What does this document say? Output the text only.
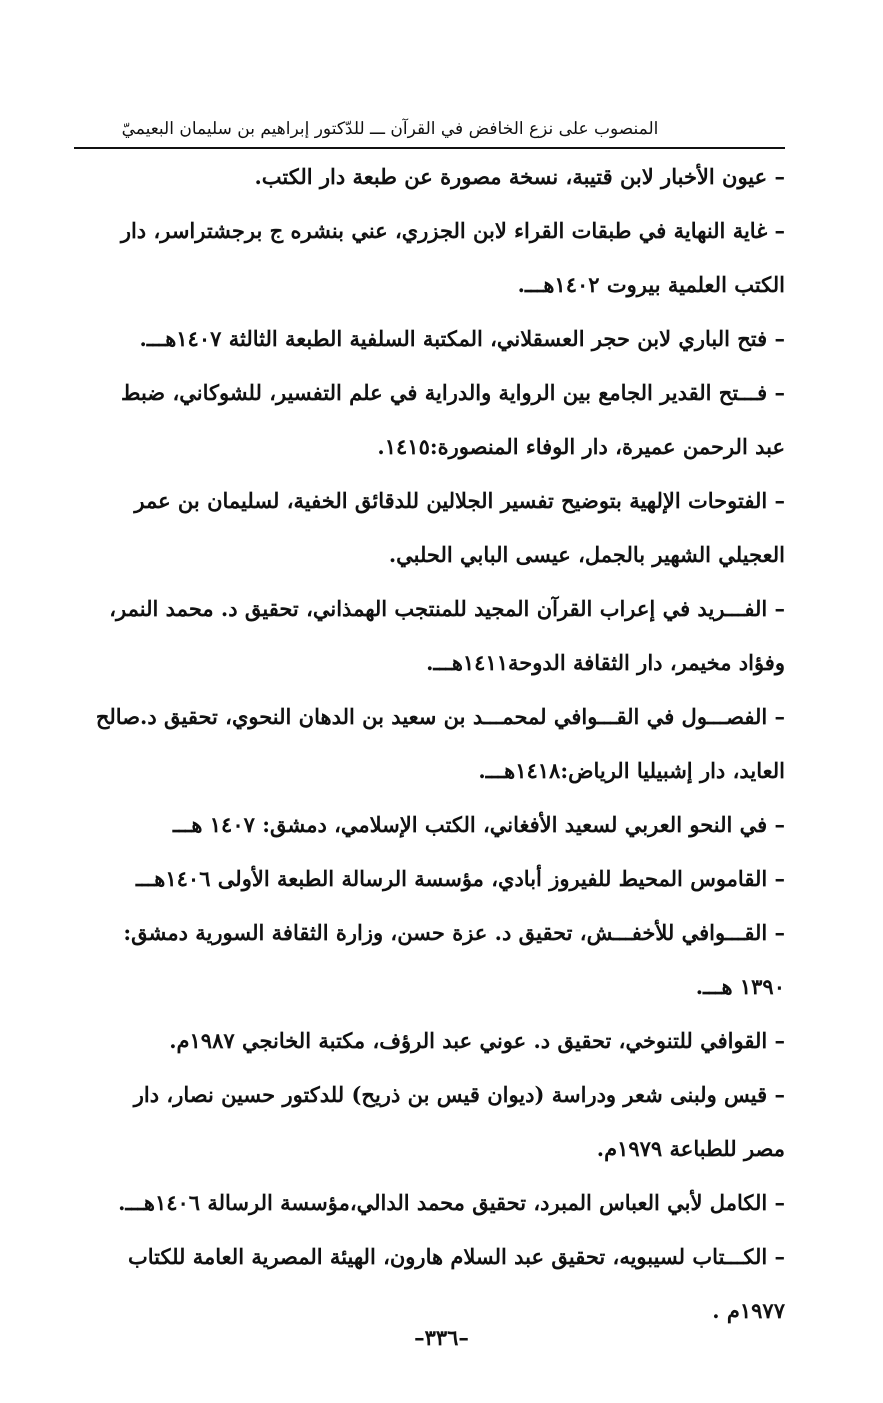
المنصوب على نزع الخافض في القرآن ـــ للدّكتور إبراهيم بن سليمان البعيميّ
– عيون الأخبار لابن قتيبة، نسخة مصورة عن طبعة دار الكتب.
– غاية النهاية في طبقات القراء لابن الجزري، عني بنشره ج برجشتراسر، دار
الكتب العلمية بيروت ١٤٠٢هـــ.
– فتح الباري لابن حجر العسقلاني، المكتبة السلفية الطبعة الثالثة ١٤٠٧هـــ.
– فـــتح القدير الجامع بين الرواية والدراية في علم التفسير، للشوكاني، ضبط
عبد الرحمن عميرة، دار الوفاء المنصورة:١٤١٥.
– الفتوحات الإلهية بتوضيح تفسير الجلالين للدقائق الخفية، لسليمان بن عمر
العجيلي الشهير بالجمل، عيسى البابي الحلبي.
– الفـــريد في إعراب القرآن المجيد للمنتجب الهمذاني، تحقيق د. محمد النمر،
وفؤاد مخيمر، دار الثقافة الدوحة١٤١١هـــ.
– الفصـــول في القـــوافي لمحمـــد بن سعيد بن الدهان النحوي، تحقيق د.صالح
العايد، دار إشبيليا الرياض:١٤١٨هـــ.
– في النحو العربي لسعيد الأفغاني، الكتب الإسلامي، دمشق: ١٤٠٧ هـــ
– القاموس المحيط للفيروز أبادي، مؤسسة الرسالة الطبعة الأولى ١٤٠٦هـــ
– القـــوافي للأخفـــش، تحقيق د. عزة حسن، وزارة الثقافة السورية دمشق:
١٣٩٠ هـــ.
– القوافي للتنوخي، تحقيق د. عوني عبد الرؤف، مكتبة الخانجي ١٩٨٧م.
– قيس ولبنى شعر ودراسة (ديوان قيس بن ذريح) للدكتور حسين نصار، دار
مصر للطباعة ١٩٧٩م.
– الكامل لأبي العباس المبرد، تحقيق محمد الدالي،مؤسسة الرسالة ١٤٠٦هـــ.
– الكـــتاب لسيبويه، تحقيق عبد السلام هارون، الهيئة المصرية العامة للكتاب
١٩٧٧م .
–٣٣٦–
